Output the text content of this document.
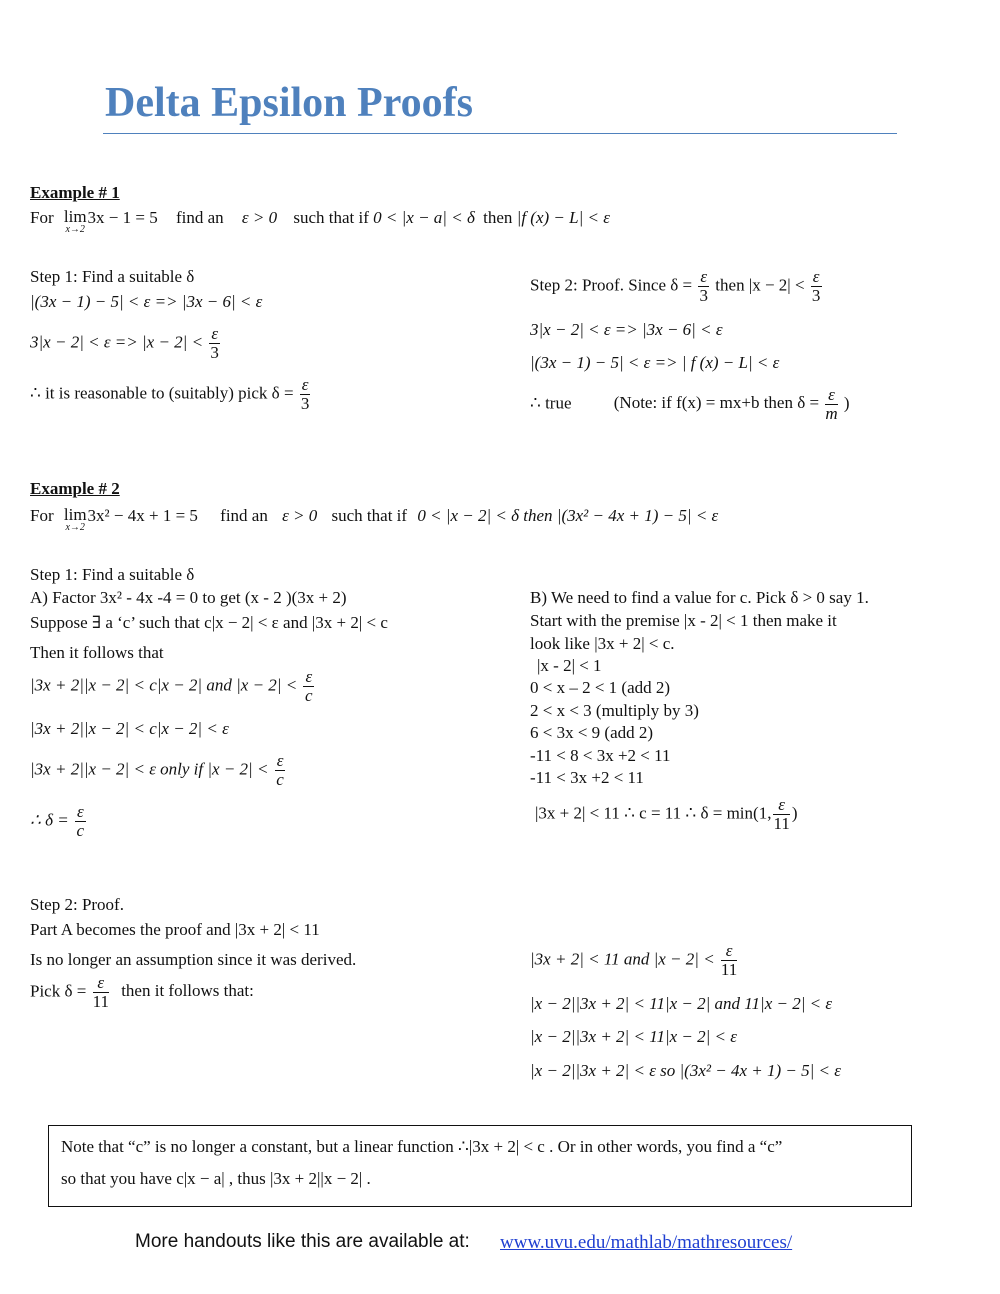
Delta Epsilon Proofs
Example # 1
For lim
x→2
3x − 1 = 5 find an ε > 0 such that if 0 < |x − a| < δ then |f (x) − L| < ε
Step 1: Find a suitable δ
|(3x − 1) − 5| < ε => |3x − 6| < ε
$3|x - 2| < \varepsilon => |x - 2| < \frac{\varepsilon}{3}$
∴ it is reasonable to (suitably) pick $\delta = \frac{\varepsilon}{3}$
Step 2: Proof. Since $\delta = \frac{\varepsilon}{3}$ then $|x - 2| < \frac{\varepsilon}{3}$
3|x − 2| < ε => |3x − 6| < ε
|(3x − 1) − 5| < ε => | f (x) − L| < ε
∴ true (Note: if f(x) = mx+b then $\delta = \frac{\varepsilon}{m}$ )
Example # 2
For lim
x→2
3x² − 4x + 1 = 5 find an ε > 0 such that if 0 < |x − 2| < δ then |(3x² − 4x + 1) − 5| < ε
Step 1: Find a suitable δ
A) Factor 3x² - 4x -4 = 0 to get (x - 2 )(3x + 2)
Suppose ∃ a ‘c’ such that c|x − 2| < ε and |3x + 2| < c
Then it follows that
|3x + 2||x − 2| < c|x − 2| and $|x - 2| < \frac{\varepsilon}{c}$
|3x + 2||x − 2| < c|x − 2| < ε
|3x + 2||x − 2| < ε only if $|x - 2| < \frac{\varepsilon}{c}$
∴ $\delta = \frac{\varepsilon}{c}$
B) We need to find a value for c. Pick δ > 0 say 1.
Start with the premise |x - 2| < 1 then make it
look like |3x + 2| < c.
|x - 2| < 1
0 < x – 2 < 1 (add 2)
2 < x < 3 (multiply by 3)
6 < 3x < 9 (add 2)
-11 < 8 < 3x +2 < 11
-11 < 3x +2 < 11
|3x + 2| < 11 ∴ c = 11 ∴ δ = min(1, $\frac{\varepsilon}{11}$ )
Step 2: Proof.
Part A becomes the proof and |3x + 2| < 11
Is no longer an assumption since it was derived.
Pick $\delta = \frac{\varepsilon}{11}$ then it follows that:
|3x + 2| < 11 and $|x - 2| < \frac{\varepsilon}{11}$
|x − 2||3x + 2| < 11|x − 2| and 11|x − 2| < ε
|x − 2||3x + 2| < 11|x − 2| < ε
|x − 2||3x + 2| < ε so |(3x² − 4x + 1) − 5| < ε
Note that “c” is no longer a constant, but a linear function ∴|3x + 2| < c . Or in other words, you find a “c”
so that you have c|x − a| , thus |3x + 2||x − 2| .
More handouts like this are available at: www.uvu.edu/mathlab/mathresources/
